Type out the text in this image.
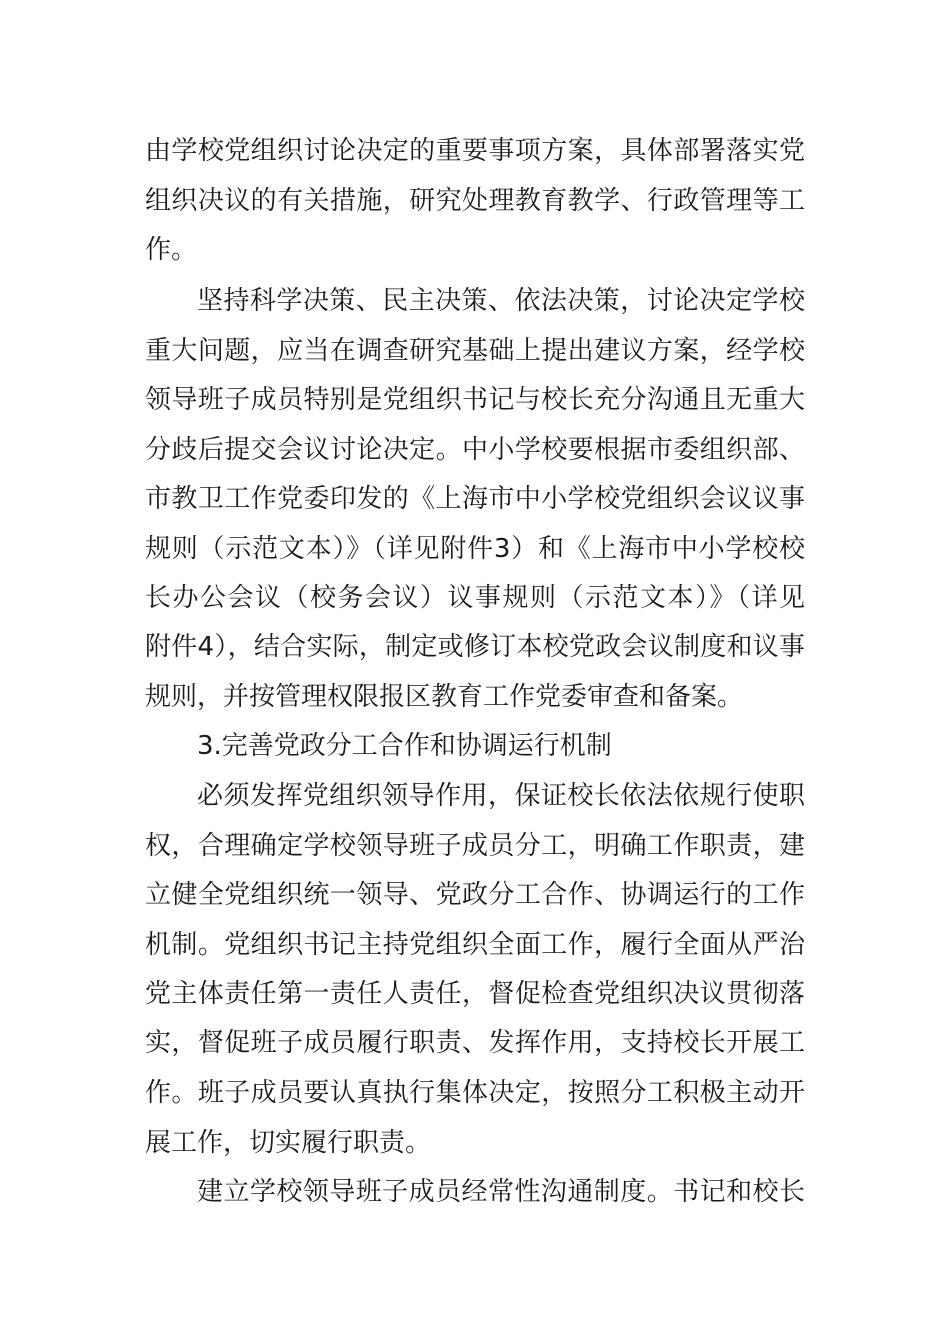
由学校党组织讨论决定的重要事项方案，具体部署落实党
组织决议的有关措施，研究处理教育教学、行政管理等工
作。
坚持科学决策、民主决策、依法决策，讨论决定学校
重大问题，应当在调查研究基础上提出建议方案，经学校
领导班子成员特别是党组织书记与校长充分沟通且无重大
分歧后提交会议讨论决定。中小学校要根据市委组织部、
市教卫工作党委印发的《上海市中小学校党组织会议议事
规则（示范文本）》（详见附件3）和《上海市中小学校校
长办公会议（校务会议）议事规则（示范文本）》（详见
附件4），结合实际，制定或修订本校党政会议制度和议事
规则，并按管理权限报区教育工作党委审查和备案。
3.完善党政分工合作和协调运行机制
必须发挥党组织领导作用，保证校长依法依规行使职
权，合理确定学校领导班子成员分工，明确工作职责，建
立健全党组织统一领导、党政分工合作、协调运行的工作
机制。党组织书记主持党组织全面工作，履行全面从严治
党主体责任第一责任人责任，督促检查党组织决议贯彻落
实，督促班子成员履行职责、发挥作用，支持校长开展工
作。班子成员要认真执行集体决定，按照分工积极主动开
展工作，切实履行职责。
建立学校领导班子成员经常性沟通制度。书记和校长
